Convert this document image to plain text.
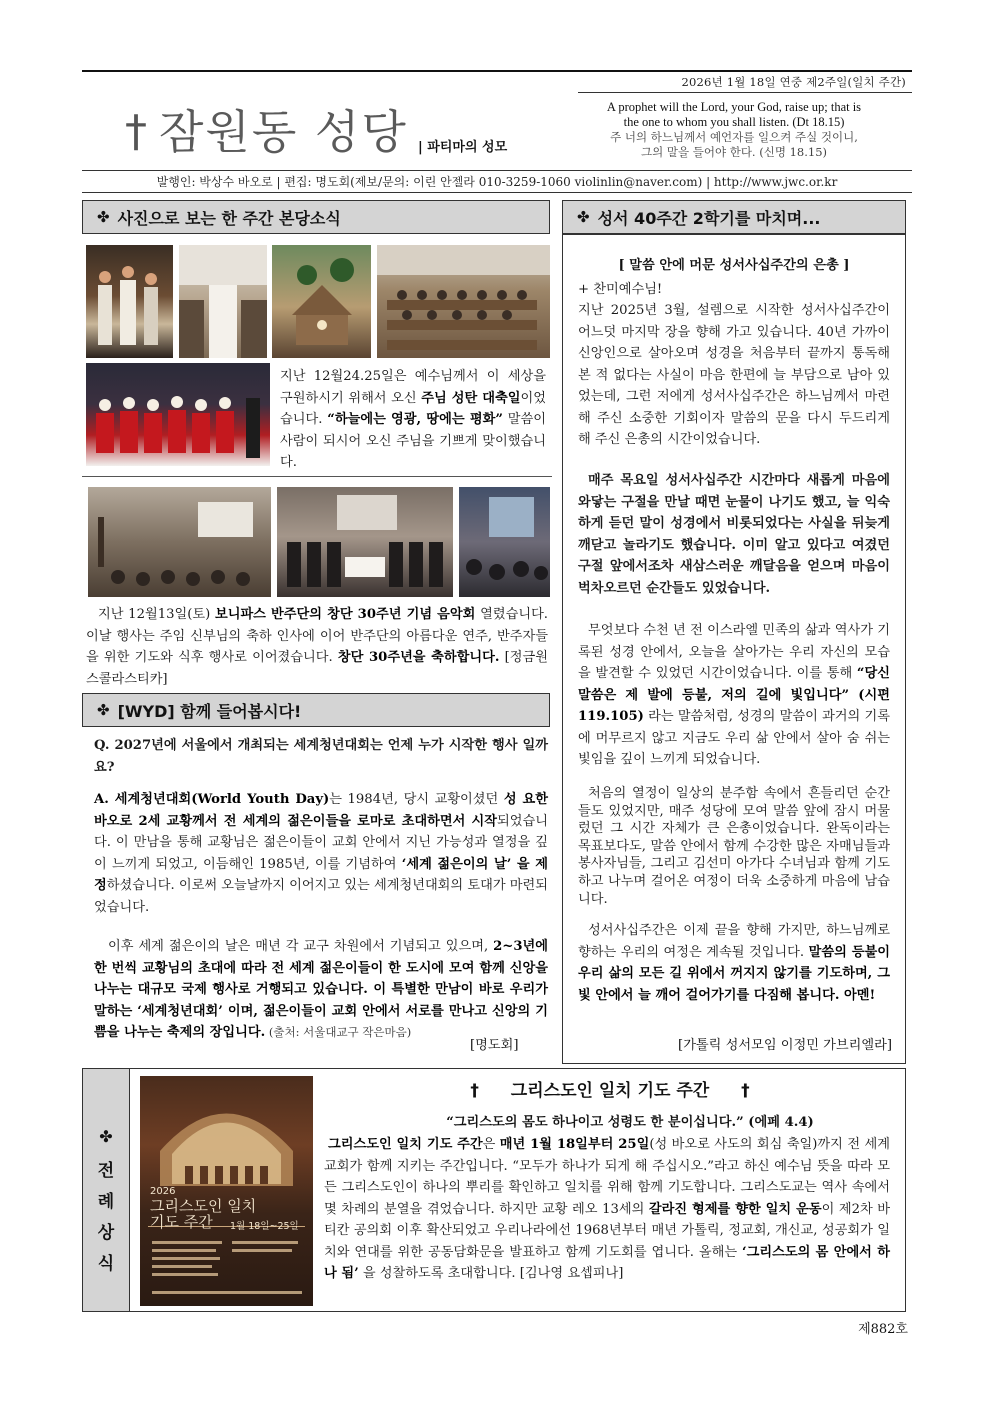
2026년 1월 18일 연중 제2주일(일치 주간)
† 잠원동 성당 | 파티마의 성모
A prophet will the Lord, your God, raise up; that is
the one to whom you shall listen. (Dt 18.15)
주 너의 하느님께서 예언자를 일으켜 주실 것이니,
그의 말을 들어야 한다. (신명 18.15)
발행인: 박상수 바오로 | 편집: 명도회(제보/문의: 이린 안젤라 010-3259-1060 violinlin@naver.com) | http://www.jwc.or.kr
✤ 사진으로 보는 한 주간 본당소식
지난 12월24.25일은 예수님께서 이 세상을 구원하시기 위해서 오신 주님 성탄 대축일이었습니다. “하늘에는 영광, 땅에는 평화” 말씀이 사람이 되시어 오신 주님을 기쁘게 맞이했습니다.
지난 12월13일(토) 보니파스 반주단의 창단 30주년 기념 음악회 열렸습니다. 이날 행사는 주임 신부님의 축하 인사에 이어 반주단의 아름다운 연주, 반주자들을 위한 기도와 식후 행사로 이어졌습니다. 창단 30주년을 축하합니다. [정금원 스콜라스티카]
✤ [WYD] 함께 들어봅시다!
Q. 2027년에 서울에서 개최되는 세계청년대회는 언제 누가 시작한 행사 일까요?
A. 세계청년대회(World Youth Day)는 1984년, 당시 교황이셨던 성 요한 바오로 2세 교황께서 전 세계의 젊은이들을 로마로 초대하면서 시작되었습니다. 이 만남을 통해 교황님은 젊은이들이 교회 안에서 지닌 가능성과 열정을 깊이 느끼게 되었고, 이듬해인 1985년, 이를 기념하여 ‘세계 젊은이의 날’ 을 제정하셨습니다. 이로써 오늘날까지 이어지고 있는 세계청년대회의 토대가 마련되었습니다.
이후 세계 젊은이의 날은 매년 각 교구 차원에서 기념되고 있으며, 2~3년에 한 번씩 교황님의 초대에 따라 전 세계 젊은이들이 한 도시에 모여 함께 신앙을 나누는 대규모 국제 행사로 거행되고 있습니다. 이 특별한 만남이 바로 우리가 말하는 ‘세계청년대회’ 이며, 젊은이들이 교회 안에서 서로를 만나고 신앙의 기쁨을 나누는 축제의 장입니다. (출처: 서울대교구 작은마음)
[명도회]
✤ 성서 40주간 2학기를 마치며...
[ 말씀 안에 머문 성서사십주간의 은총 ]
+ 찬미예수님!
지난 2025년 3월, 설렘으로 시작한 성서사십주간이 어느덧 마지막 장을 향해 가고 있습니다. 40년 가까이 신앙인으로 살아오며 성경을 처음부터 끝까지 통독해 본 적 없다는 사실이 마음 한편에 늘 부담으로 남아 있었는데, 그런 저에게 성서사십주간은 하느님께서 마련해 주신 소중한 기회이자 말씀의 문을 다시 두드리게 해 주신 은총의 시간이었습니다.
매주 목요일 성서사십주간 시간마다 새롭게 마음에 와닿는 구절을 만날 때면 눈물이 나기도 했고, 늘 익숙하게 듣던 말이 성경에서 비롯되었다는 사실을 뒤늦게 깨닫고 놀라기도 했습니다. 이미 알고 있다고 여겼던 구절 앞에서조차 새삼스러운 깨달음을 얻으며 마음이 벅차오르던 순간들도 있었습니다.
무엇보다 수천 년 전 이스라엘 민족의 삶과 역사가 기록된 성경 안에서, 오늘을 살아가는 우리 자신의 모습을 발견할 수 있었던 시간이었습니다. 이를 통해 “당신 말씀은 제 발에 등불, 저의 길에 빛입니다” (시편 119.105) 라는 말씀처럼, 성경의 말씀이 과거의 기록에 머무르지 않고 지금도 우리 삶 안에서 살아 숨 쉬는 빛임을 깊이 느끼게 되었습니다.
처음의 열정이 일상의 분주함 속에서 흔들리던 순간들도 있었지만, 매주 성당에 모여 말씀 앞에 잠시 머물렀던 그 시간 자체가 큰 은총이었습니다. 완독이라는 목표보다도, 말씀 안에서 함께 수강한 많은 자매님들과 봉사자님들, 그리고 김선미 아가다 수녀님과 함께 기도하고 나누며 걸어온 여정이 더욱 소중하게 마음에 남습니다.
성서사십주간은 이제 끝을 향해 가지만, 하느님께로 향하는 우리의 여정은 계속될 것입니다. 말씀의 등불이 우리 삶의 모든 길 위에서 꺼지지 않기를 기도하며, 그 빛 안에서 늘 깨어 걸어가기를 다짐해 봅니다. 아멘!
[가톨릭 성서모임 이정민 가브리엘라]
✤
전 례 상 식
2026
그리스도인 일치
기도 주간 1월 18일~25일
† 그리스도인 일치 기도 주간 †
“그리스도의 몸도 하나이고 성령도 한 분이십니다.” (에페 4.4)
그리스도인 일치 기도 주간은 매년 1월 18일부터 25일(성 바오로 사도의 회심 축일)까지 전 세계 교회가 함께 지키는 주간입니다. “모두가 하나가 되게 해 주십시오.”라고 하신 예수님 뜻을 따라 모든 그리스도인이 하나의 뿌리를 확인하고 일치를 위해 함께 기도합니다. 그리스도교는 역사 속에서 몇 차례의 분열을 겪었습니다. 하지만 교황 레오 13세의 갈라진 형제를 향한 일치 운동이 제2차 바티칸 공의회 이후 확산되었고 우리나라에선 1968년부터 매년 가톨릭, 정교회, 개신교, 성공회가 일치와 연대를 위한 공동담화문을 발표하고 함께 기도회를 엽니다. 올해는 ‘그리스도의 몸 안에서 하나 됨’ 을 성찰하도록 초대합니다. [김나영 요셉피나]
제882호
